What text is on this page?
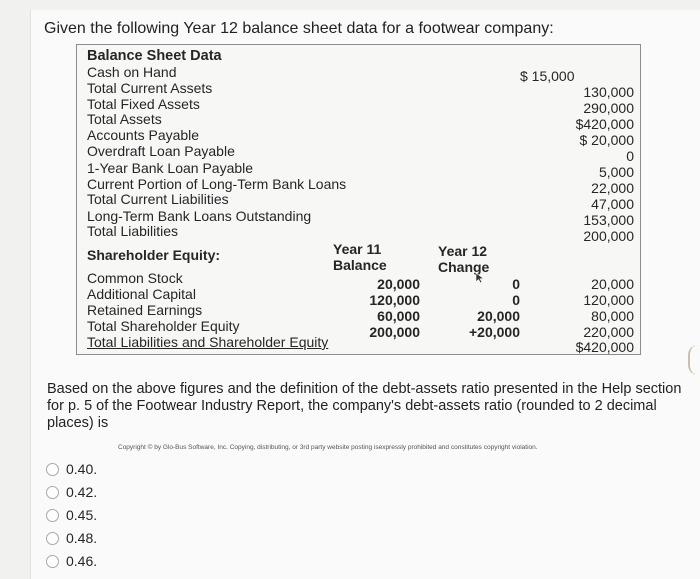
Given the following Year 12 balance sheet data for a footwear company:
Balance Sheet Data
Cash on Hand
Total Current Assets
Total Fixed Assets
Total Assets
Accounts Payable
Overdraft Loan Payable
1-Year Bank Loan Payable
Current Portion of Long-Term Bank Loans
Total Current Liabilities
Long-Term Bank Loans Outstanding
Total Liabilities
$ 15,000
130,000
290,000
$420,000
$ 20,000
0
5,000
22,000
47,000
153,000
200,000
Shareholder Equity:	Year 11
Balance
Year 12
Change
Common Stock
Additional Capital
Retained Earnings
Total Shareholder Equity
Total Liabilities and Shareholder Equity
20,000
120,000
60,000
200,000
0
0
20,000
+20,000
20,000
120,000
80,000
220,000
$420,000
Based on the above figures and the definition of the debt-assets ratio presented in the Help section for p. 5 of the Footwear Industry Report, the company's debt-assets ratio (rounded to 2 decimal places) is
Copyright © by Glo-Bus Software, Inc. Copying, distributing, or 3rd party website posting isexpressly prohibited and constitutes copyright violation.
0.40.
0.42.
0.45.
0.48.
0.46.
